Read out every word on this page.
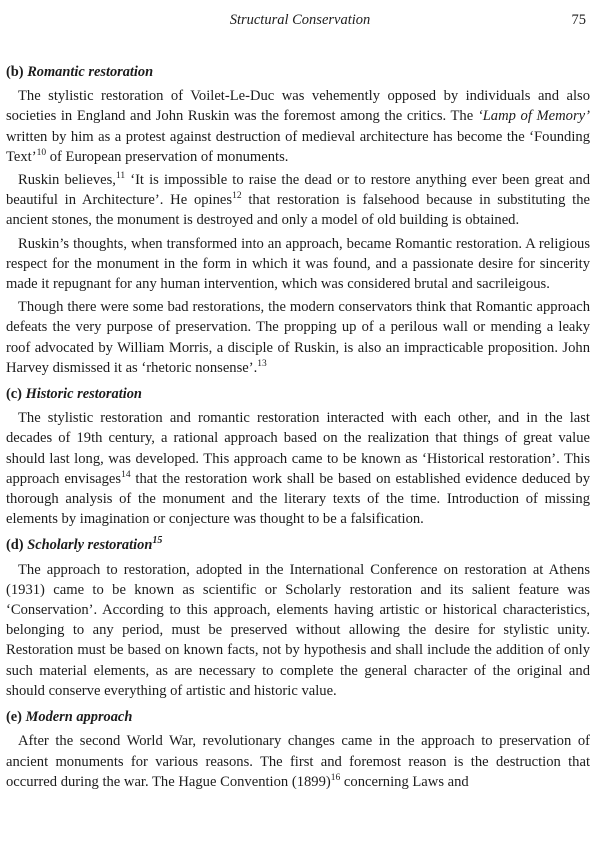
Structural Conservation	75
(b) Romantic restoration

The stylistic restoration of Voilet-Le-Duc was vehemently opposed by individuals and also societies in England and John Ruskin was the foremost among the critics. The ‘Lamp of Memory’ written by him as a protest against destruction of medieval architecture has become the ‘Founding Text’$^{10}$ of European preservation of monuments.

Ruskin believes,$^{11}$ ‘It is impossible to raise the dead or to restore anything ever been great and beautiful in Architecture’. He opines$^{12}$ that restoration is falsehood because in substituting the ancient stones, the monument is destroyed and only a model of old building is obtained.

Ruskin’s thoughts, when transformed into an approach, became Romantic restoration. A religious respect for the monument in the form in which it was found, and a passionate desire for sincerity made it repugnant for any human intervention, which was considered brutal and sacrileigous.

Though there were some bad restorations, the modern conservators think that Romantic approach defeats the very purpose of preservation. The propping up of a perilous wall or mending a leaky roof advocated by William Morris, a disciple of Ruskin, is also an impracticable proposition. John Harvey dismissed it as ‘rhetoric nonsense’.$^{13}$

(c) Historic restoration

The stylistic restoration and romantic restoration interacted with each other, and in the last decades of 19th century, a rational approach based on the realization that things of great value should last long, was developed. This approach came to be known as ‘Historical restoration’. This approach envisages$^{14}$ that the restoration work shall be based on established evidence deduced by thorough analysis of the monument and the literary texts of the time. Introduction of missing elements by imagination or conjecture was thought to be a falsification.

(d) Scholarly restoration$^{15}$

The approach to restoration, adopted in the International Conference on restoration at Athens (1931) came to be known as scientific or Scholarly restoration and its salient feature was ‘Conservation’. According to this approach, elements having artistic or historical characteristics, belonging to any period, must be preserved without allowing the desire for stylistic unity. Restoration must be based on known facts, not by hypothesis and shall include the addition of only such material elements, as are necessary to complete the general character of the original and should conserve everything of artistic and historic value.

(e) Modern approach

After the second World War, revolutionary changes came in the approach to preservation of ancient monuments for various reasons. The first and foremost reason is the destruction that occurred during the war. The Hague Convention $(1899)^{16}$ concerning Laws and
